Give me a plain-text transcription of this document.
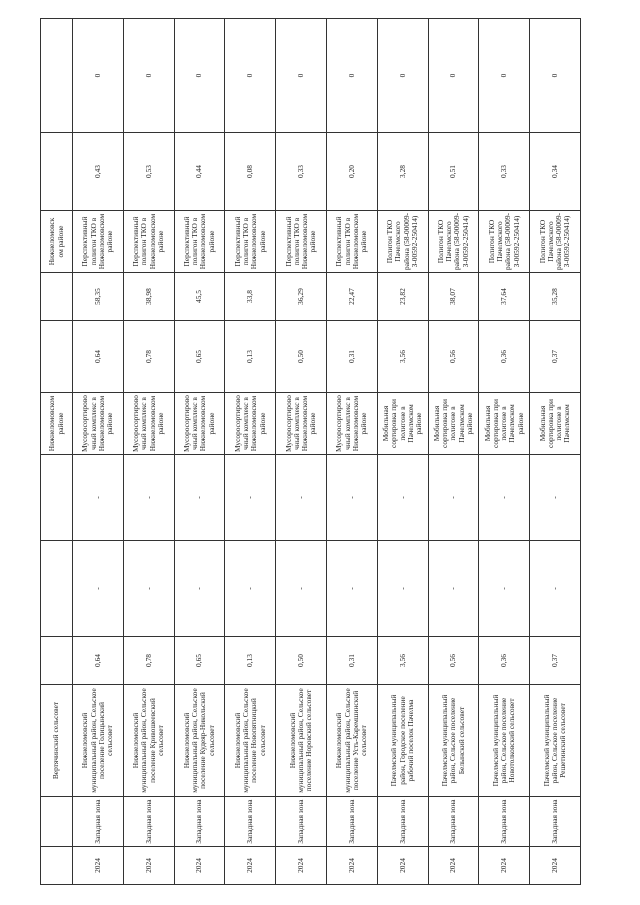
		Вертячинский сельсовет				Нижнеломовском районе			Нижнеломовск ом районе		
2024	Западная зона	Нижнеломовский муниципальный район, Сельское поселение Голицынский сельсовет	0,64	-	-	Мусоросортировочный комплекс в Нижнеломовском районе	0,64	58,35	Перспективный полигон ТКО в Нижнеломовском районе	0,43	0
2024	Западная зона	Нижнеломовский муниципальный район, Сельское поселение Кривошеевский сельсовет	0,78	-	-	Мусоросортировочный комплекс в Нижнеломовском районе	0,78	38,98	Перспективный полигон ТКО в Нижнеломовском районе	0,53	0
2024	Западная зона	Нижнеломовский муниципальный район, Сельское поселение Кудеяр-Никольский сельсовет	0,65	-	-	Мусоросортировочный комплекс в Нижнеломовском районе	0,65	45,5	Перспективный полигон ТКО в Нижнеломовском районе	0,44	0
2024	Западная зона	Нижнеломовский муниципальный район, Сельское поселение Новопятницкий сельсовет	0,13	-	-	Мусоросортировочный комплекс в Нижнеломовском районе	0,13	33,8	Перспективный полигон ТКО в Нижнеломовском районе	0,08	0
2024	Западная зона	Нижнеломовский муниципальный район, Сельское поселение Норовский сельсовет	0,50	-	-	Мусоросортировочный комплекс в Нижнеломовском районе	0,50	36,29	Перспективный полигон ТКО в Нижнеломовском районе	0,33	0
2024	Западная зона	Нижнеломовский муниципальный район, Сельское поселение Усть-Каремшинский сельсовет	0,31	-	-	Мусоросортировочный комплекс в Нижнеломовском районе	0,31	22,47	Перспективный полигон ТКО в Нижнеломовском районе	0,20	0
2024	Западная зона	Пачелмский муниципальный район, Городское поселение рабочий поселок Пачелма	3,56	-	-	Мобильная сортировка при полигоне в Пачелмском районе	3,56	23,82	Полигон ТКО Пачелмского района (58-00009-З-00592-250414)	3,28	0
2024	Западная зона	Пачелмский муниципальный район, Сельское поселение Белынский сельсовет	0,56	-	-	Мобильная сортировка при полигоне в Пачелмском районе	0,56	38,07	Полигон ТКО Пачелмского района (58-00009-З-00592-250414)	0,51	0
2024	Западная зона	Пачелмский муниципальный район, Сельское поселение Новотолковский сельсовет	0,36	-	-	Мобильная сортировка при полигоне в Пачелмском районе	0,36	37,64	Полигон ТКО Пачелмского района (58-00009-З-00592-250414)	0,33	0
2024	Западная зона	Пачелмский муниципальный район, Сельское поселение Решетинский сельсовет	0,37	-	-	Мобильная сортировка при полигоне в Пачелмском	0,37	35,28	Полигон ТКО Пачелмского района (58-00009-З-00592-250414)	0,34	0
